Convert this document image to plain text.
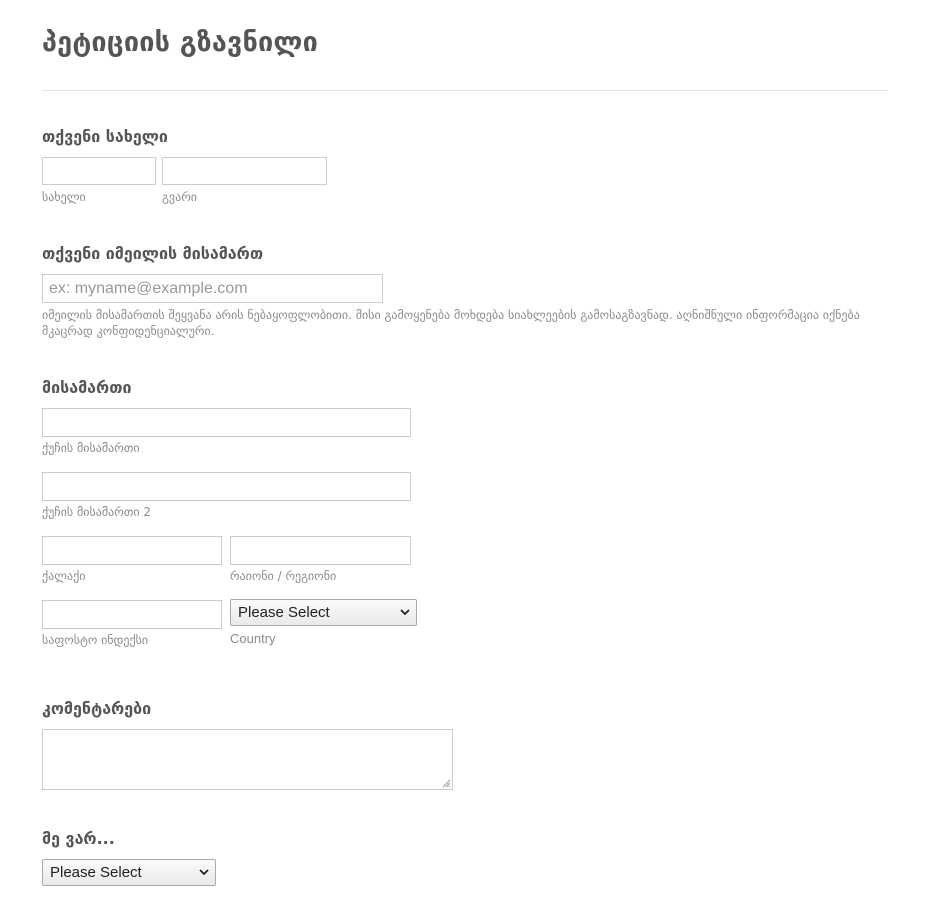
პეტიციის გზავნილი
თქვენი სახელი
სახელი	გვარი
თქვენი იმეილის მისამართ
ex: myname@example.com
იმეილის მისამართის შეყვანა არის ნებაყოფლობითი. მისი გამოყენება მოხდება სიახლეების გამოსაგზავნად. აღნიშნული ინფორმაცია იქნება მკაცრად კონფიდენციალური.
მისამართი
ქუჩის მისამართი
ქუჩის მისამართი 2
ქალაქი	რაიონი / რეგიონი
Please Select
საფოსტო ინდექსი	Country
კომენტარები
მე ვარ...
Please Select
